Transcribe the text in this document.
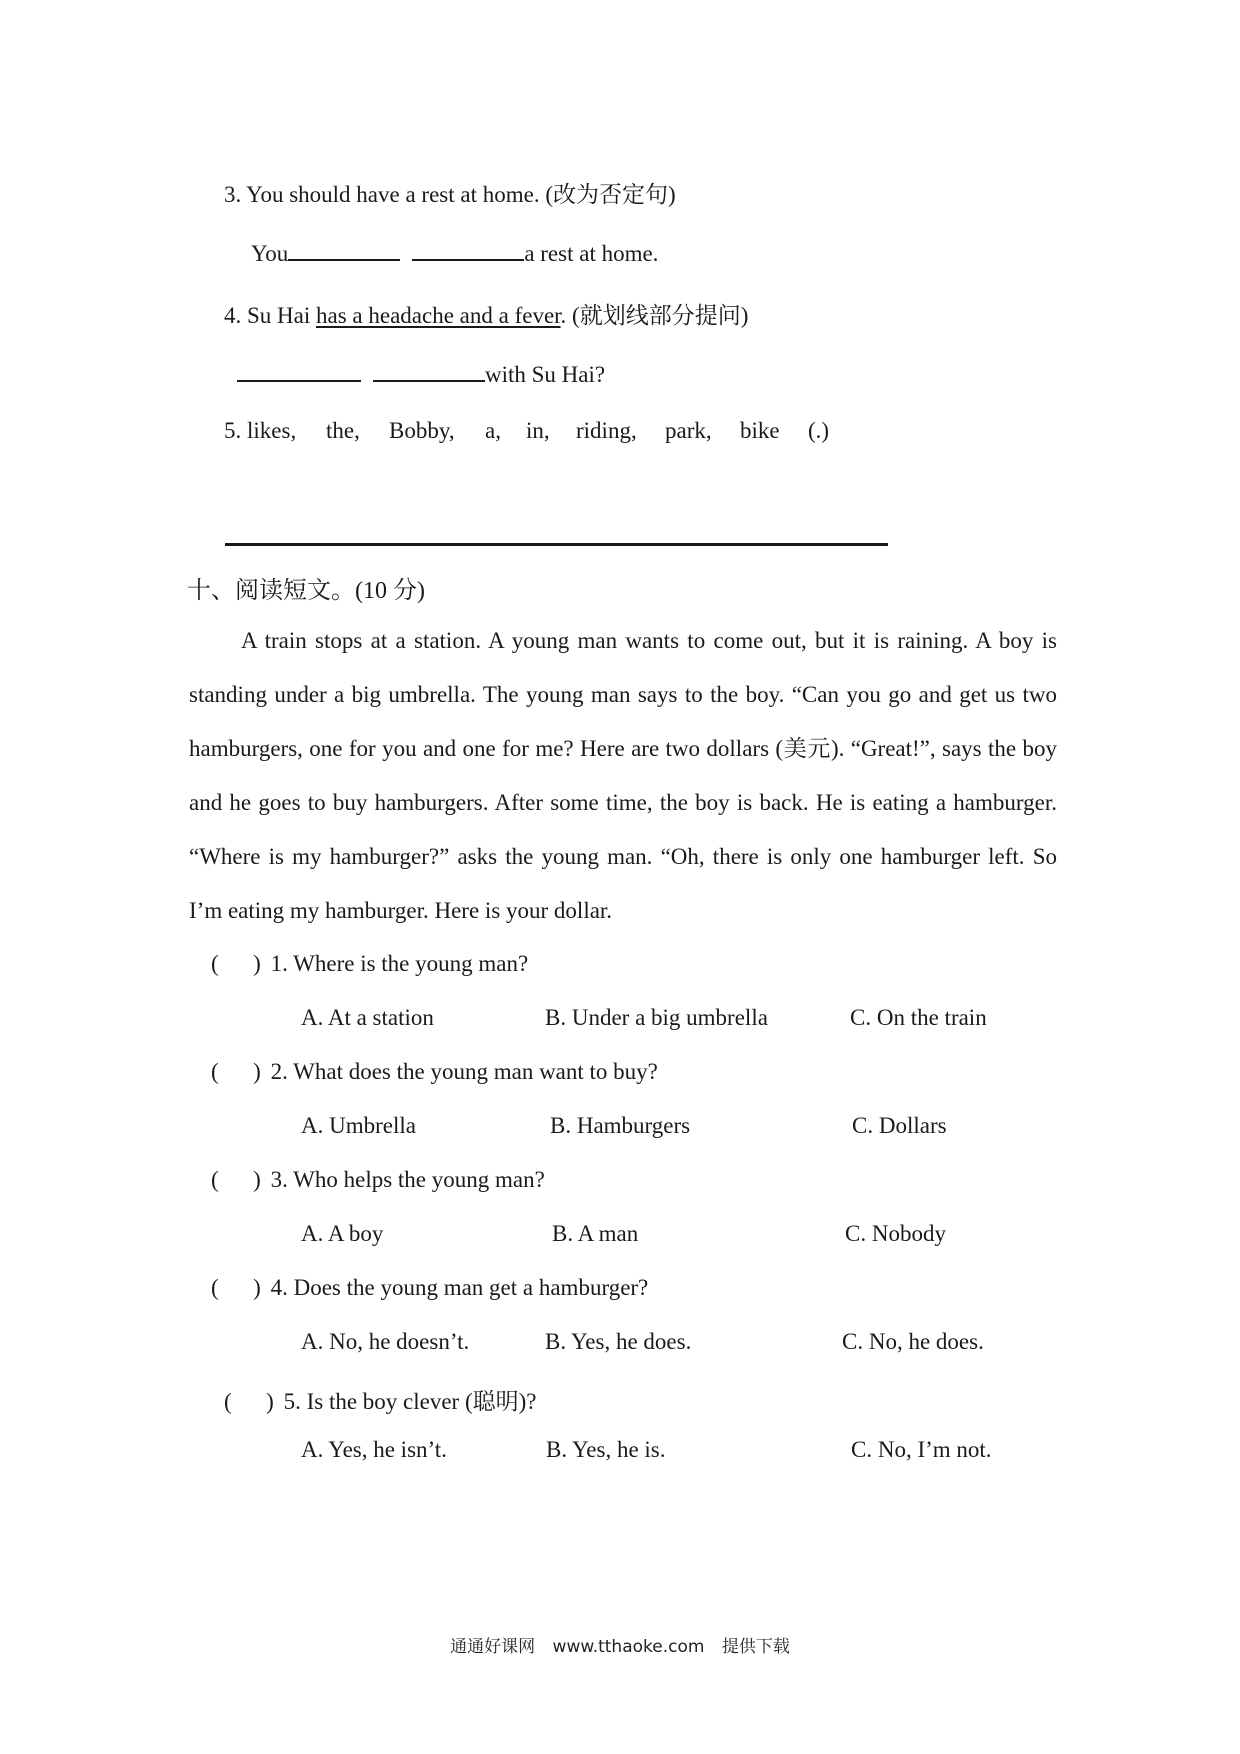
3. You should have a rest at home. (改为否定句)
You	a rest at home.
4. Su Hai has a headache and a fever. (就划线部分提问)
with Su Hai?
5. likes, the, Bobby, a, in, riding, park, bike (.)
十、阅读短文。(10 分)

A train stops at a station. A young man wants to come out, but it is raining. A boy is standing under a big umbrella. The young man says to the boy. “Can you go and get us two hamburgers, one for you and one for me? Here are two dollars (美元). “Great!”, says the boy and he goes to buy hamburgers. After some time, the boy is back. He is eating a hamburger. “Where is my hamburger?” asks the young man. “Oh, there is only one hamburger left. So I’m eating my hamburger. Here is your dollar.

(      ) 1. Where is the young man?
A. At a station	B. Under a big umbrella	C. On the train
(      ) 2. What does the young man want to buy?
A. Umbrella	B. Hamburgers	C. Dollars
(      ) 3. Who helps the young man?
A. A boy	B. A man	C. Nobody
(      ) 4. Does the young man get a hamburger?
A. No, he doesn’t.	B. Yes, he does.	C. No, he does.
(      ) 5. Is the boy clever (聪明)?
A. Yes, he isn’t.	B. Yes, he is.	C. No, I’m not.
通通好课网 www.tthaoke.com 提供下载
